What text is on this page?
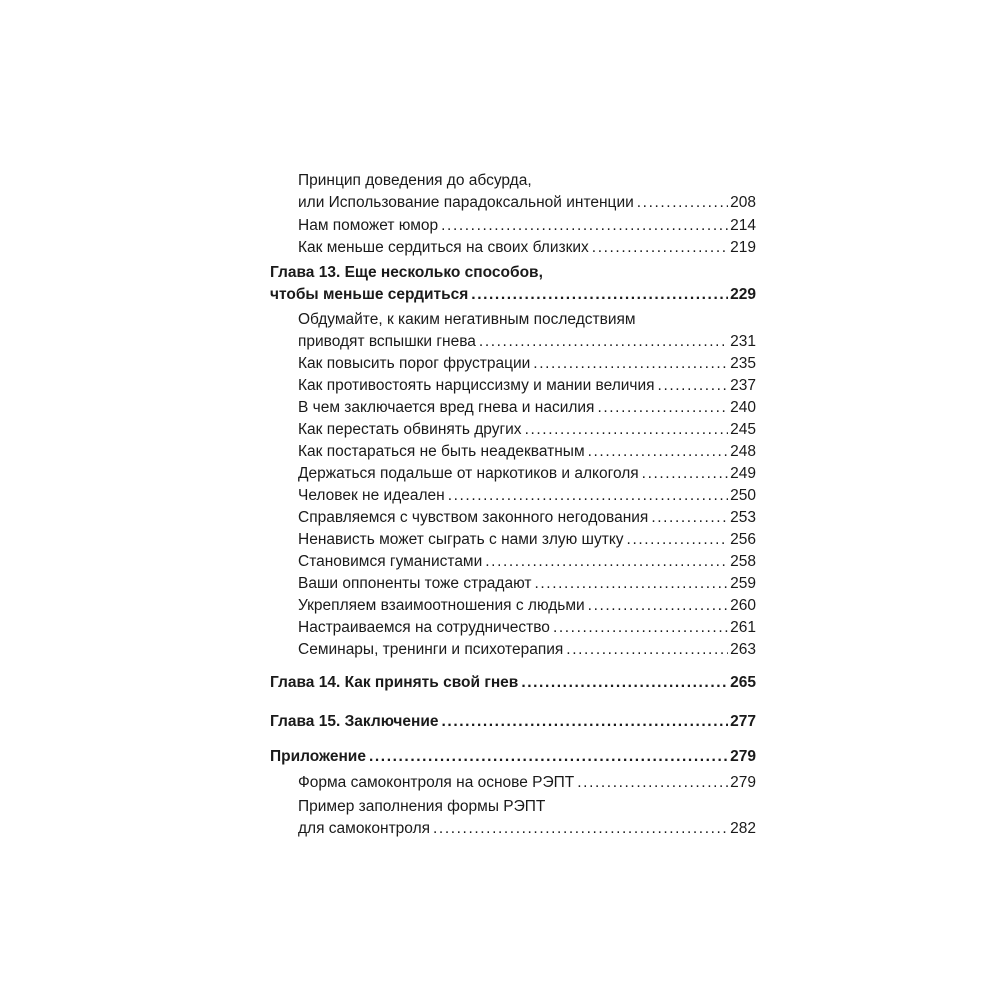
Принцип доведения до абсурда,
или Использование парадоксальной интенции .....	208
Нам поможет юмор .....	214
Как меньше сердиться на своих близких .....	219
Глава 13. Еще несколько способов,
чтобы меньше сердиться .....	229
Обдумайте, к каким негативным последствиям
приводят вспышки гнева .....	231
Как повысить порог фрустрации .....	235
Как противостоять нарциссизму и мании величия .....	237
В чем заключается вред гнева и насилия .....	240
Как перестать обвинять других .....	245
Как постараться не быть неадекватным .....	248
Держаться подальше от наркотиков и алкоголя .....	249
Человек не идеален .....	250
Справляемся с чувством законного негодования .....	253
Ненависть может сыграть с нами злую шутку .....	256
Становимся гуманистами .....	258
Ваши оппоненты тоже страдают .....	259
Укрепляем взаимоотношения с людьми .....	260
Настраиваемся на сотрудничество .....	261
Семинары, тренинги и психотерапия .....	263
Глава 14. Как принять свой гнев .....	265
Глава 15. Заключение .....	277
Приложение .....	279
Форма самоконтроля на основе РЭПТ .....	279
Пример заполнения формы РЭПТ
для самоконтроля .....	282
